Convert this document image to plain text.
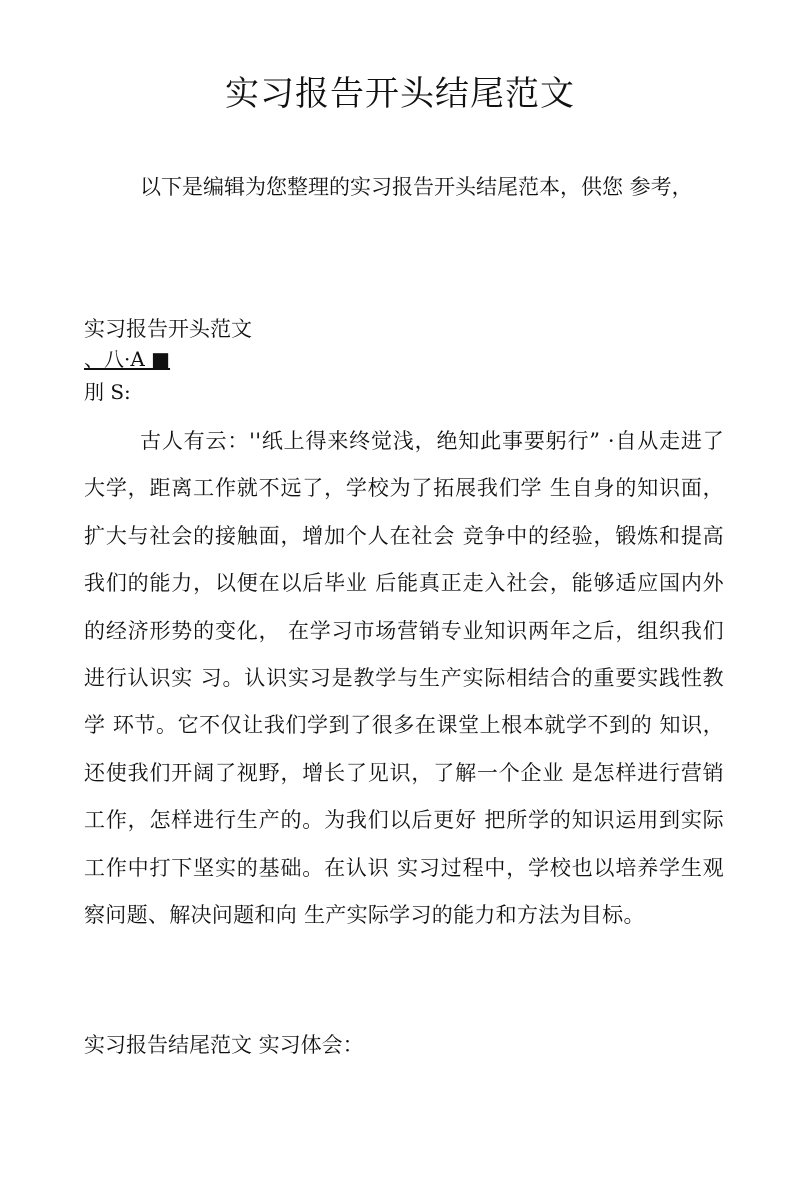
实习报告开头结尾范文
以下是编辑为您整理的实习报告开头结尾范本，供您 参考，
实习报告开头范文
、八·A ■
刖 S:
古人有云：''纸上得来终觉浅，绝知此事要躬行” ·自从走进了大学，距离工作就不远了，学校为了拓展我们学 生自身的知识面，扩大与社会的接触面，增加个人在社会 竞争中的经验，锻炼和提高我们的能力，以便在以后毕业 后能真正走入社会，能够适应国内外的经济形势的变化， 在学习市场营销专业知识两年之后，组织我们进行认识实 习。认识实习是教学与生产实际相结合的重要实践性教学 环节。它不仅让我们学到了很多在课堂上根本就学不到的 知识，还使我们开阔了视野，增长了见识，了解一个企业 是怎样进行营销工作，怎样进行生产的。为我们以后更好 把所学的知识运用到实际工作中打下坚实的基础。在认识 实习过程中，学校也以培养学生观察问题、解决问题和向 生产实际学习的能力和方法为目标。
实习报告结尾范文 实习体会：
